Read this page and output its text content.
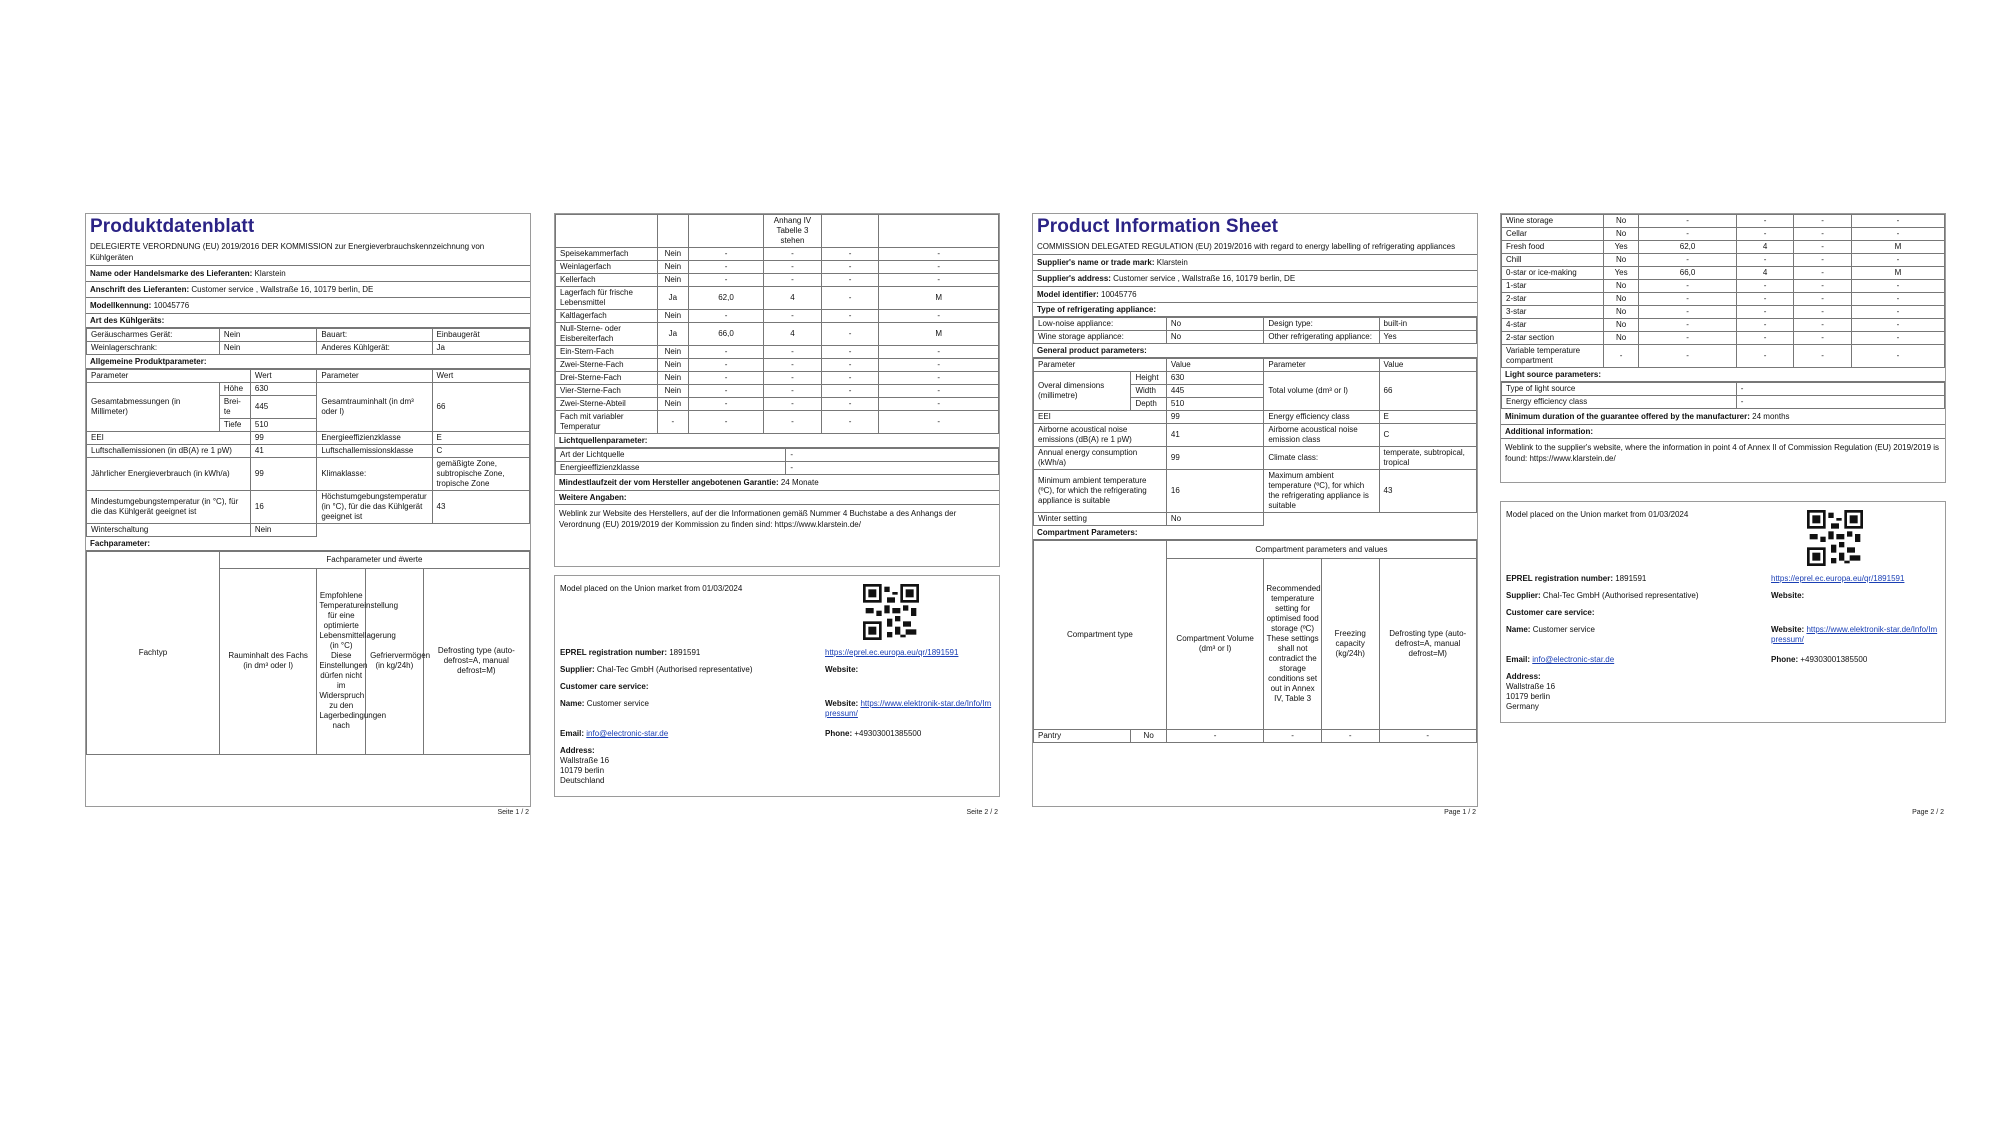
Produktdatenblatt
DELEGIERTE VERORDNUNG (EU) 2019/2016 DER KOMMISSION zur Energieverbrauchskennzeichnung von Kühlgeräten
Name oder Handelsmarke des Lieferanten: Klarstein
Anschrift des Lieferanten: Customer service , Wallstraße 16, 10179 berlin, DE
Modellkennung: 10045776
Art des Kühlgeräts:
Geräuscharmes Gerät:	Nein	Bauart:	Einbaugerät
Weinlagerschrank:	Nein	Anderes Kühlgerät:	Ja
Allgemeine Produktparameter:
Parameter		Wert	Parameter	Wert
Gesamtabmessungen (in Millimeter)	Höhe	630	Gesamtrauminhalt (in dm³ oder l)	66
	Brei-te	445		
	Tiefe	510		
EEI		99	Energieeffizienzklasse	E
Luftschallemissionen (in dB(A) re 1 pW)		41	Luftschallemissionsklasse	C
Jährlicher Energieverbrauch (in kWh/a)		99	Klimaklasse:	gemäßigte Zone, subtropische Zone, tropische Zone
Mindestumgebungstemperatur (in °C), für die das Kühlgerät geeignet ist		16	Höchstumgebungstemperatur (in °C), für die das Kühlgerät geeignet ist	43
Winterschaltung		Nein		
Fachparameter:
Fachtyp	Fachparameter und #werte			
	Rauminhalt des Fachs (in dm³ oder l)	Empfohlene Temperatureinstellung für eine optimierte Lebensmittellagerung (in °C) Diese Einstellungen dürfen nicht im Widerspruch zu den Lagerbedingungen nach	Gefriervermögen (in kg/24h)	Defrosting type (auto-defrost=A, manual defrost=M)
Seite 1 / 2
			Anhang IV Tabelle 3 stehen		
Speisekammerfach	Nein	-	-	-	-
Weinlagerfach	Nein	-	-	-	-
Kellerfach	Nein	-	-	-	-
Lagerfach für frische Lebensmittel	Ja	62,0	4	-	M
Kaltlagerfach	Nein	-	-	-	-
Null-Sterne- oder Eisbereiterfach	Ja	66,0	4	-	M
Ein-Stern-Fach	Nein	-	-	-	-
Zwei-Sterne-Fach	Nein	-	-	-	-
Drei-Sterne-Fach	Nein	-	-	-	-
Vier-Sterne-Fach	Nein	-	-	-	-
Zwei-Sterne-Abteil	Nein	-	-	-	-
Fach mit variabler Temperatur	-	-	-	-	-
Lichtquellenparameter:
Art der Lichtquelle	-
Energieeffizienzklasse	-
Mindestlaufzeit der vom Hersteller angebotenen Garantie: 24 Monate
Weitere Angaben:
Weblink zur Website des Herstellers, auf der die Informationen gemäß Nummer 4 Buchstabe a des Anhangs der Verordnung (EU) 2019/2019 der Kommission zu finden sind: https://www.klarstein.de/
Model placed on the Union market from 01/03/2024
EPREL registration number: 1891591	https://eprel.ec.europa.eu/qr/1891591
Supplier: Chal-Tec GmbH (Authorised representative)	Website:
Customer care service:
Name: Customer service	Website: https://www.elektronik-star.de/Info/Impressum/
Email: info@electronic-star.de	Phone: +49303001385500
Address:
Wallstraße 16
10179 berlin
Deutschland
Seite 2 / 2
Product Information Sheet
COMMISSION DELEGATED REGULATION (EU) 2019/2016 with regard to energy labelling of refrigerating appliances
Supplier's name or trade mark: Klarstein
Supplier's address: Customer service , Wallstraße 16, 10179 berlin, DE
Model identifier: 10045776
Type of refrigerating appliance:
Low-noise appliance:	No	Design type:	built-in
Wine storage appliance:	No	Other refrigerating appliance:	Yes
General product parameters:
Parameter		Value	Parameter	Value
Overal dimensions (millimetre)	Height	630	Total volume (dm³ or l)	66
	Width	445		
	Depth	510		
EEI		99	Energy efficiency class	E
Airborne acoustical noise emissions (dB(A) re 1 pW)		41	Airborne acoustical noise emission class	C
Annual energy consumption (kWh/a)		99	Climate class:	temperate, subtropical, tropical
Minimum ambient temperature (ºC), for which the refrigerating appliance is suitable		16	Maximum ambient temperature (ºC), for which the refrigerating appliance is suitable	43
Winter setting		No		
Compartment Parameters:
Compartment type		Compartment parameters and values			
		Compartment Volume (dm³ or l)	Recommended temperature setting for optimised food storage (ºC) These settings shall not contradict the storage conditions set out in Annex IV, Table 3	Freezing capacity (kg/24h)	Defrosting type (auto-defrost=A, manual defrost=M)
Pantry	No	-	-	-	-
Page 1 / 2
Wine storage	No	-	-	-	-
Cellar	No	-	-	-	-
Fresh food	Yes	62,0	4	-	M
Chill	No	-	-	-	-
0-star or ice-making	Yes	66,0	4	-	M
1-star	No	-	-	-	-
2-star	No	-	-	-	-
3-star	No	-	-	-	-
4-star	No	-	-	-	-
2-star section	No	-	-	-	-
Variable temperature compartment	-	-	-	-	-
Light source parameters:
Type of light source	-
Energy efficiency class	-
Minimum duration of the guarantee offered by the manufacturer: 24 months
Additional information:
Weblink to the supplier's website, where the information in point 4 of Annex II of Commission Regulation (EU) 2019/2019 is found: https://www.klarstein.de/
Model placed on the Union market from 01/03/2024
EPREL registration number: 1891591	https://eprel.ec.europa.eu/qr/1891591
Supplier: Chal-Tec GmbH (Authorised representative)	Website:
Customer care service:
Name: Customer service	Website: https://www.elektronik-star.de/Info/Impressum/
Email: info@electronic-star.de	Phone: +49303001385500
Address:
Wallstraße 16
10179 berlin
Germany
Page 2 / 2
